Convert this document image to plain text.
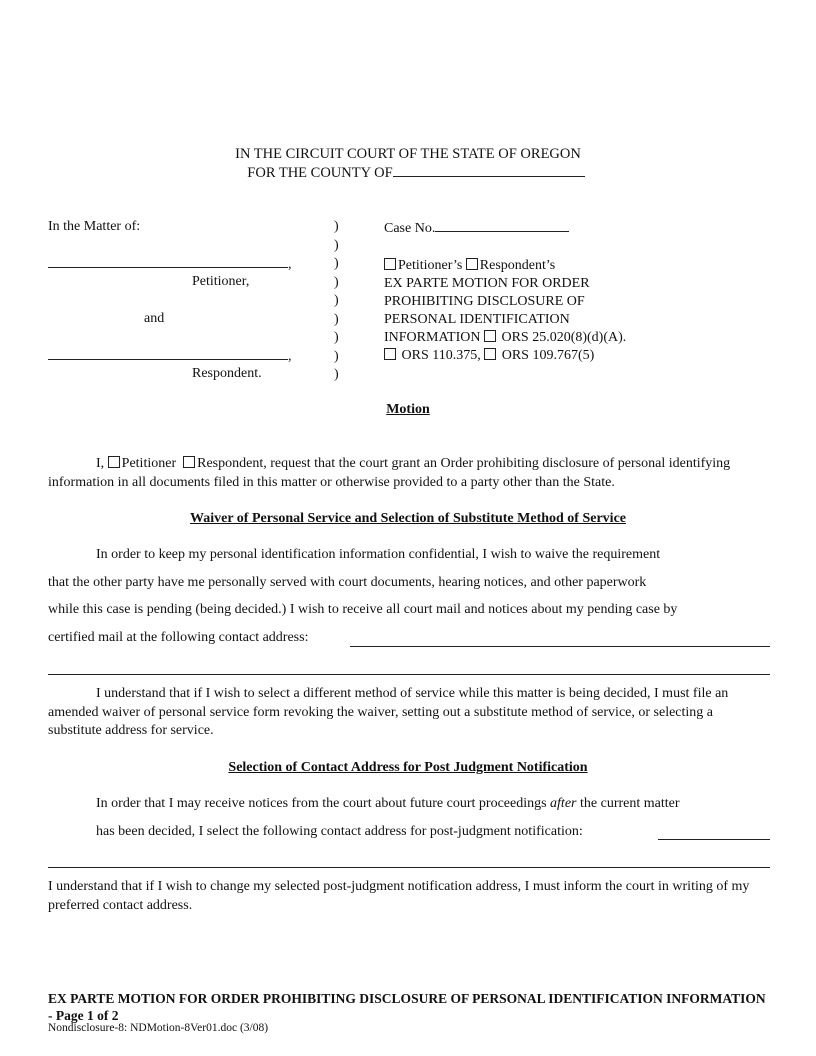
IN THE CIRCUIT COURT OF THE STATE OF OREGON
FOR THE COUNTY OF
In the Matter of:
,
Petitioner,
and
,
Respondent.
)
)
)
)
)
)
)
)
)
Case No.
Petitioner’s Respondent’s
EX PARTE MOTION FOR ORDER
PROHIBITING DISCLOSURE OF
PERSONAL IDENTIFICATION
INFORMATION ORS 25.020(8)(d)(A).
ORS 110.375, ORS 109.767(5)
Motion
I, Petitioner Respondent, request that the court grant an Order prohibiting disclosure of personal identifying information in all documents filed in this matter or otherwise provided to a party other than the State.
Waiver of Personal Service and Selection of Substitute Method of Service
In order to keep my personal identification information confidential, I wish to waive the requirement
that the other party have me personally served with court documents, hearing notices, and other paperwork
while this case is pending (being decided.) I wish to receive all court mail and notices about my pending case by
certified mail at the following contact address:
I understand that if I wish to select a different method of service while this matter is being decided, I must file an amended waiver of personal service form revoking the waiver, setting out a substitute method of service, or selecting a substitute address for service.
Selection of Contact Address for Post Judgment Notification
In order that I may receive notices from the court about future court proceedings after the current matter
has been decided, I select the following contact address for post-judgment notification:
I understand that if I wish to change my selected post-judgment notification address, I must inform the court in writing of my preferred contact address.
EX PARTE MOTION FOR ORDER PROHIBITING DISCLOSURE OF PERSONAL IDENTIFICATION INFORMATION - Page 1 of 2
Nondisclosure-8: NDMotion-8Ver01.doc (3/08)
